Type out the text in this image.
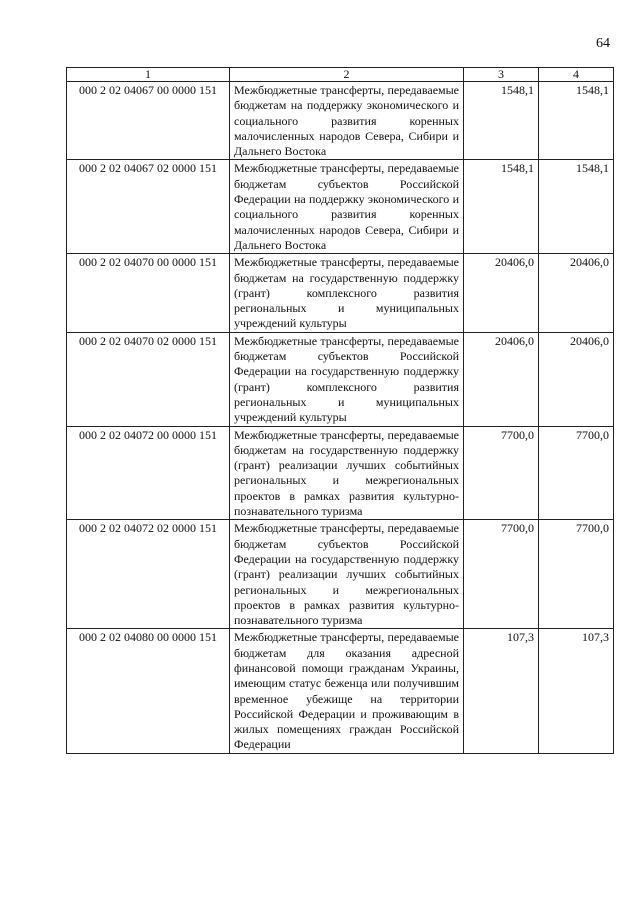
64
1	2	3	4
000 2 02 04067 00 0000 151	Межбюджетные трансферты, передаваемые бюджетам на поддержку экономического и социального развития коренных малочисленных народов Севера, Сибири и Дальнего Востока	1548,1	1548,1
000 2 02 04067 02 0000 151	Межбюджетные трансферты, передаваемые бюджетам субъектов Российской Федерации на поддержку экономического и социального развития коренных малочисленных народов Севера, Сибири и Дальнего Востока	1548,1	1548,1
000 2 02 04070 00 0000 151	Межбюджетные трансферты, передаваемые бюджетам на государственную поддержку (грант) комплексного развития региональных и муниципальных учреждений культуры	20406,0	20406,0
000 2 02 04070 02 0000 151	Межбюджетные трансферты, передаваемые бюджетам субъектов Российской Федерации на государственную поддержку (грант) комплексного развития региональных и муниципальных учреждений культуры	20406,0	20406,0
000 2 02 04072 00 0000 151	Межбюджетные трансферты, передаваемые бюджетам на государственную поддержку (грант) реализации лучших событийных региональных и межрегиональных проектов в рамках развития культурно-познавательного туризма	7700,0	7700,0
000 2 02 04072 02 0000 151	Межбюджетные трансферты, передаваемые бюджетам субъектов Российской Федерации на государственную поддержку (грант) реализации лучших событийных региональных и межрегиональных проектов в рамках развития культурно-познавательного туризма	7700,0	7700,0
000 2 02 04080 00 0000 151	Межбюджетные трансферты, передаваемые бюджетам для оказания адресной финансовой помощи гражданам Украины, имеющим статус беженца или получившим временное убежище на территории Российской Федерации и проживающим в жилых помещениях граждан Российской Федерации	107,3	107,3
